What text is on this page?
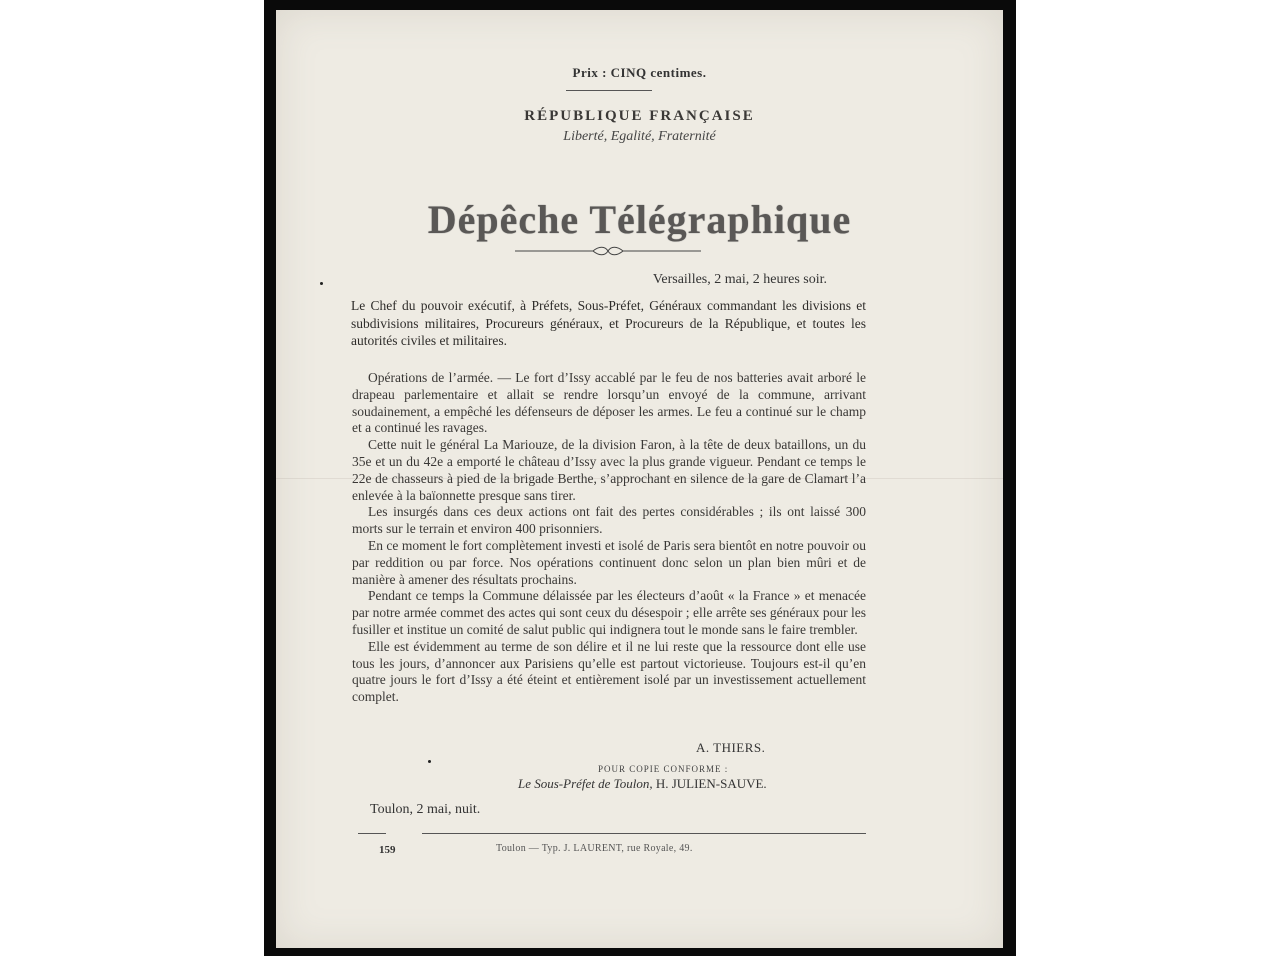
Prix : CINQ centimes.
RÉPUBLIQUE FRANÇAISE
Liberté, Egalité, Fraternité
Dépêche Télégraphique
Versailles, 2 mai, 2 heures soir.
Le Chef du pouvoir exécutif, à Préfets, Sous-Préfet, Généraux commandant les divisions et subdivisions militaires, Procureurs généraux, et Procureurs de la République, et toutes les autorités civiles et militaires.

Opérations de l’armée. — Le fort d’Issy accablé par le feu de nos batteries avait arboré le drapeau parlementaire et allait se rendre lorsqu’un envoyé de la commune, arrivant soudainement, a empêché les défenseurs de déposer les armes. Le feu a continué sur le champ et a continué les ravages.

Cette nuit le général La Mariouze, de la division Faron, à la tête de deux bataillons, un du 35e et un du 42e a emporté le château d’Issy avec la plus grande vigueur. Pendant ce temps le 22e de chasseurs à pied de la brigade Berthe, s’approchant en silence de la gare de Clamart l’a enlevée à la baïonnette presque sans tirer.

Les insurgés dans ces deux actions ont fait des pertes considérables ; ils ont laissé 300 morts sur le terrain et environ 400 prisonniers.

En ce moment le fort complètement investi et isolé de Paris sera bientôt en notre pouvoir ou par reddition ou par force. Nos opérations continuent donc selon un plan bien mûri et de manière à amener des résultats prochains.

Pendant ce temps la Commune délaissée par les électeurs d’août « la France » et menacée par notre armée commet des actes qui sont ceux du désespoir ; elle arrête ses généraux pour les fusiller et institue un comité de salut public qui indignera tout le monde sans le faire trembler.

Elle est évidemment au terme de son délire et il ne lui reste que la ressource dont elle use tous les jours, d’annoncer aux Parisiens qu’elle est partout victorieuse. Toujours est-il qu’en quatre jours le fort d’Issy a été éteint et entièrement isolé par un investissement actuellement complet.

A. THIERS.
POUR COPIE CONFORME :
Le Sous-Préfet de Toulon, H. JULIEN-SAUVE.
Toulon, 2 mai, nuit.
159	Toulon — Typ. J. LAURENT, rue Royale, 49.
